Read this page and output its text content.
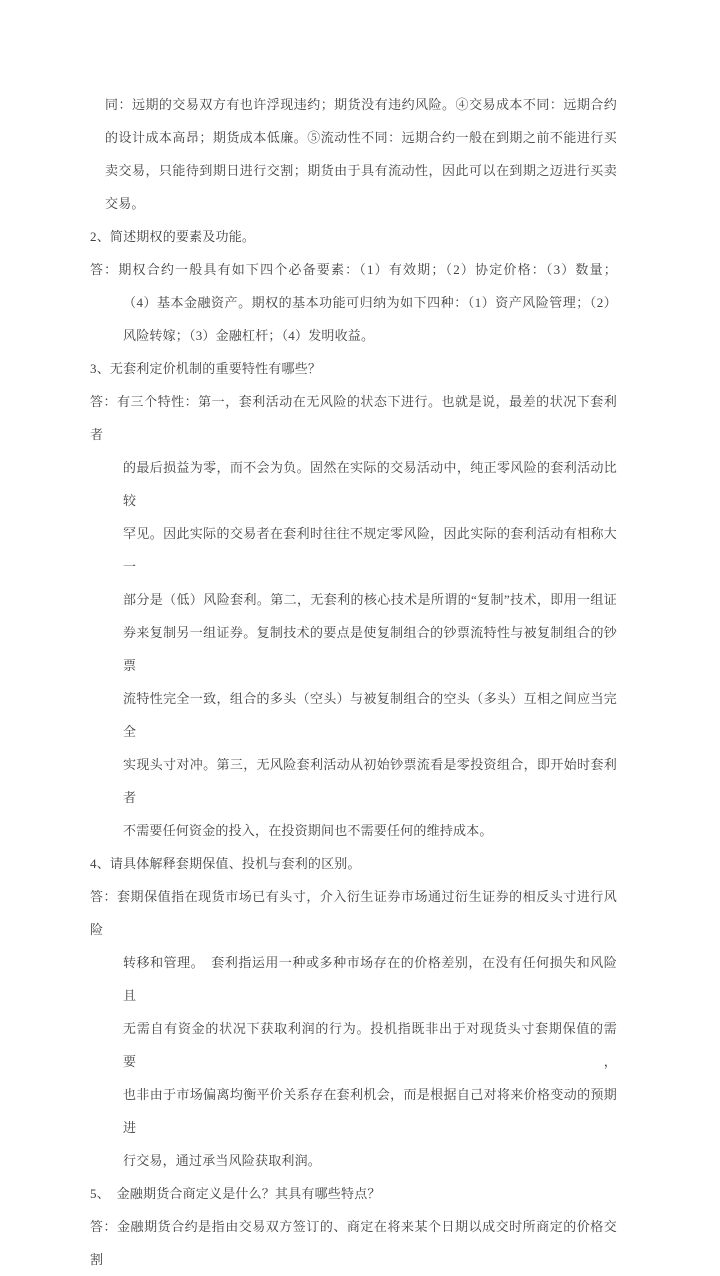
同：远期的交易双方有也许浮现违约；期货没有违约风险。④交易成本不同：远期合约
的设计成本高昂；期货成本低廉。⑤流动性不同：远期合约一般在到期之前不能进行买
卖交易，只能待到期日进行交割；期货由于具有流动性，因此可以在到期之迈进行买卖
交易。
2、简述期权的要素及功能。
答：期权合约一般具有如下四个必备要素：（1）有效期；（2）协定价格：（3）数量；
（4）基本金融资产。期权的基本功能可归纳为如下四种：（1）资产风险管理；（2）
风险转嫁；（3）金融杠杆；（4）发明收益。
3、无套利定价机制的重要特性有哪些？
答：有三个特性：第一，套利活动在无风险的状态下进行。也就是说，最差的状况下套利者
的最后损益为零，而不会为负。固然在实际的交易活动中，纯正零风险的套利活动比较
罕见。因此实际的交易者在套利时往往不规定零风险，因此实际的套利活动有相称大一
部分是（低）风险套利。第二，无套利的核心技术是所谓的“复制”技术，即用一组证
券来复制另一组证券。复制技术的要点是使复制组合的钞票流特性与被复制组合的钞票
流特性完全一致，组合的多头（空头）与被复制组合的空头（多头）互相之间应当完全
实现头寸对冲。第三，无风险套利活动从初始钞票流看是零投资组合，即开始时套利者
不需要任何资金的投入，在投资期间也不需要任何的维持成本。
4、请具体解释套期保值、投机与套利的区别。
答：套期保值指在现货市场已有头寸，介入衍生证券市场通过衍生证券的相反头寸进行风险
转移和管理。　套利指运用一种或多种市场存在的价格差别，在没有任何损失和风险且
无需自有资金的状况下获取利润的行为。投机指既非出于对现货头寸套期保值的需要，
也非由于市场偏离均衡平价关系存在套利机会，而是根据自己对将来价格变动的预期进
行交易，通过承当风险获取利润。
5、　金融期货合商定义是什么？其具有哪些特点？
答：金融期货合约是指由交易双方签订的、商定在将来某个日期以成交时所商定的价格交割
